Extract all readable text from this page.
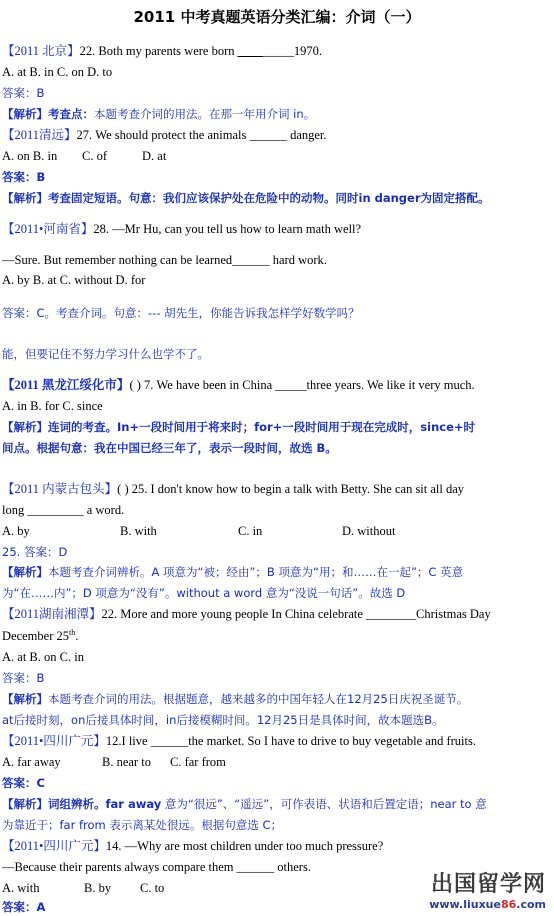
2011 中考真题英语分类汇编：介词（一）
【2011 北京】22. Both my parents were born _________1970.
A. at B. in C. on D. to
答案：B
【解析】考查点：本题考查介词的用法。在那一年用介词 in。
【2011清远】27. We should protect the animals ______ danger.
A. on B. in C. of	D. at
答案：B
【解析】考查固定短语。句意：我们应该保护处在危险中的动物。同时in danger为固定搭配。
【2011•河南省】28. —Mr Hu, can you tell us how to learn math well?
—Sure. But remember nothing can be learned______ hard work.
A. by B. at C. without D. for
答案：C。考查介词。句意：--- 胡先生，你能告诉我怎样学好数学吗？
能，但要记住不努力学习什么也学不了。
【2011 黑龙江绥化市】( ) 7. We have been in China _____three years. We like it very much.
A. in B. for C. since
【解析】连词的考查。In+一段时间用于将来时；for+一段时间用于现在完成时，since+时
间点。根据句意：我在中国已经三年了，表示一段时间，故选 B。
【2011 内蒙古包头】( ) 25. I don't know how to begin a talk with Betty. She can sit all day
long _________ a word.
A. by	B. with	C. in	D. without
25. 答案：D
【解析】本题考查介词辨析。A 项意为“被；经由”；B 项意为“用；和……在一起”；C 英意
为“在……内”；D 项意为“没有”。without a word 意为“没说一句话”。故选 D
【2011湖南湘潭】22. More and more young people In China celebrate ________Christmas Day
December 25th.
A. at B. on C. in
答案：B
【解析】本题考查介词的用法。根据题意，越来越多的中国年轻人在12月25日庆祝圣诞节。
at后接时刻，on后接具体时间，in后接模糊时间。12月25日是具体时间，故本题选B。
【2011•四川广元】12.I live ______the market. So I have to drive to buy vegetable and fruits.
A. far away	B. near to C. far from
答案：C
【解析】词组辨析。far away 意为“很远”、“遥远”，可作表语、状语和后置定语；near to 意
为靠近于；far from 表示离某处很远。根据句意选 C；
【2011•四川广元】14. —Why are most children under too much pressure?
—Because their parents always compare them ______ others.
A. with	B. by C. to
答案：A
出国留学网
www.liuxue86.com
